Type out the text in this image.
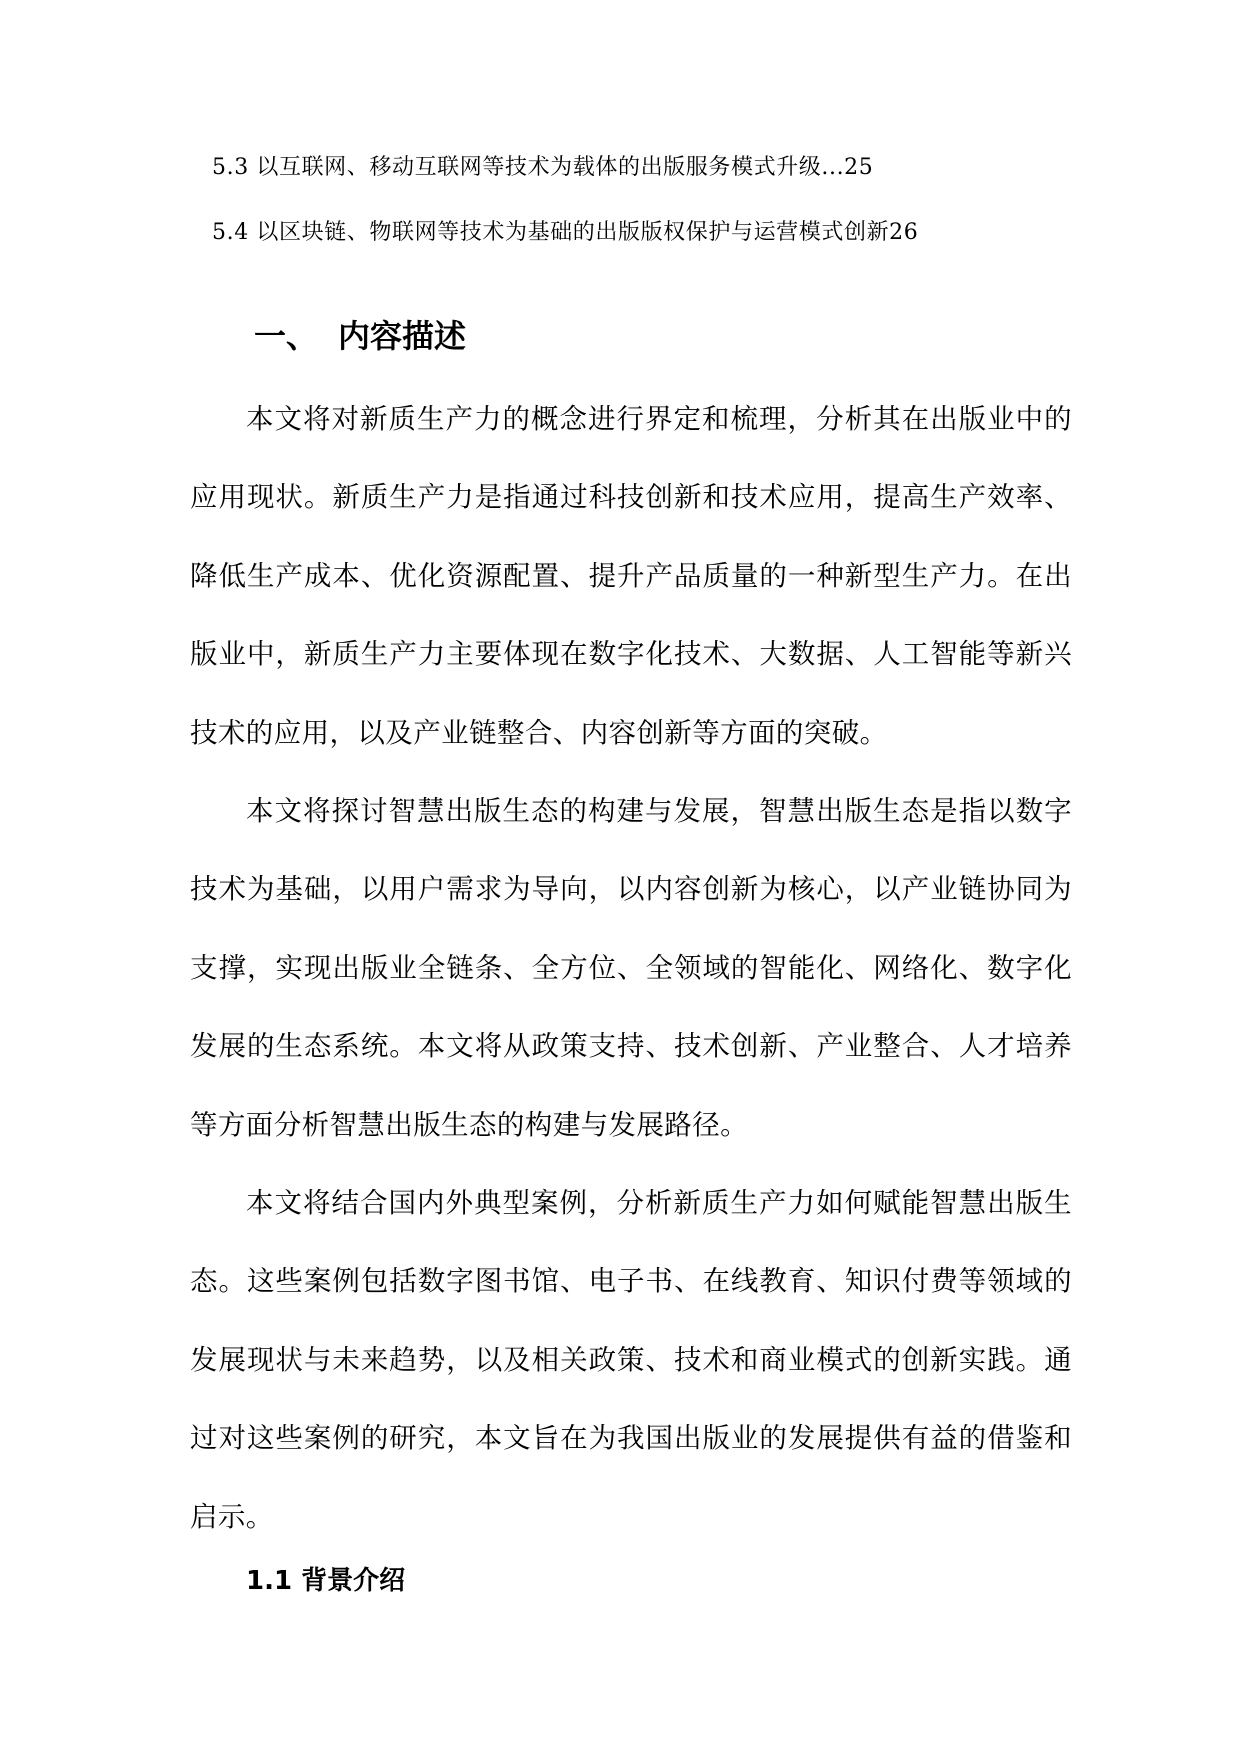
5.3 以互联网、移动互联网等技术为载体的出版服务模式升级...25
5.4 以区块链、物联网等技术为基础的出版版权保护与运营模式创新26
一、 内容描述

本文将对新质生产力的概念进行界定和梳理，分析其在出版业中的应用现状。新质生产力是指通过科技创新和技术应用，提高生产效率、降低生产成本、优化资源配置、提升产品质量的一种新型生产力。在出版业中，新质生产力主要体现在数字化技术、大数据、人工智能等新兴技术的应用，以及产业链整合、内容创新等方面的突破。

本文将探讨智慧出版生态的构建与发展，智慧出版生态是指以数字技术为基础，以用户需求为导向，以内容创新为核心，以产业链协同为支撑，实现出版业全链条、全方位、全领域的智能化、网络化、数字化发展的生态系统。本文将从政策支持、技术创新、产业整合、人才培养等方面分析智慧出版生态的构建与发展路径。

本文将结合国内外典型案例，分析新质生产力如何赋能智慧出版生态。这些案例包括数字图书馆、电子书、在线教育、知识付费等领域的发展现状与未来趋势，以及相关政策、技术和商业模式的创新实践。通过对这些案例的研究，本文旨在为我国出版业的发展提供有益的借鉴和启示。

1.1 背景介绍
